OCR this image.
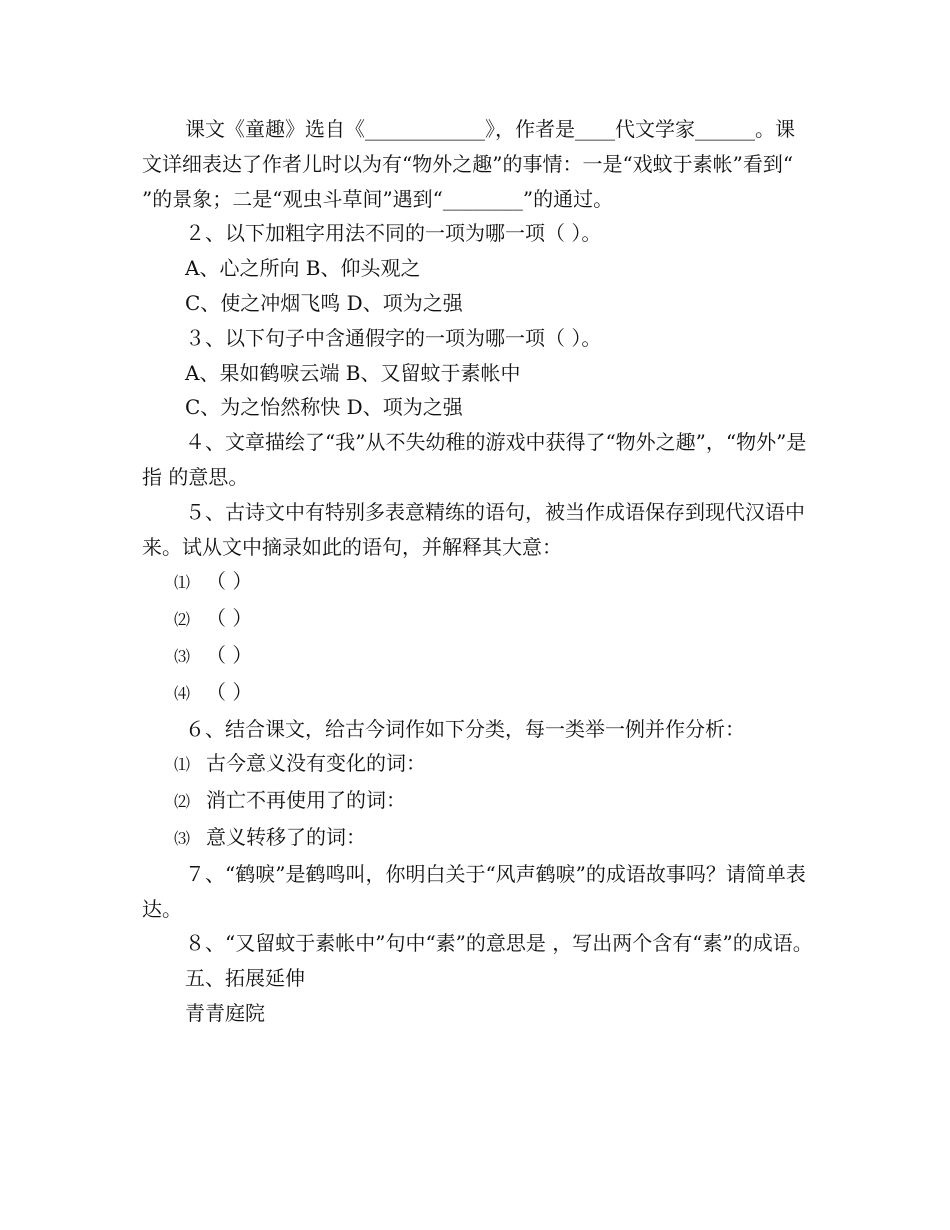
课文《童趣》选自《____________》，作者是____代文学家______。课文详细表达了作者儿时以为有“物外之趣”的事情：一是“戏蚊于素帐”看到“ ”的景象；二是“观虫斗草间”遇到“________”的通过。

２、以下加粗字用法不同的一项为哪一项（ ）。

A、心之所向 B、仰头观之

C、使之冲烟飞鸣 D、项为之强

３、以下句子中含通假字的一项为哪一项（ ）。

A、果如鹤唳云端 B、又留蚊于素帐中

C、为之怡然称快 D、项为之强

４、文章描绘了“我”从不失幼稚的游戏中获得了“物外之趣”，“物外”是指 的意思。

５、古诗文中有特别多表意精练的语句，被当作成语保存到现代汉语中来。试从文中摘录如此的语句，并解释其大意：

⑴ （ ）

⑵ （ ）

⑶ （ ）

⑷ （ ）

６、结合课文，给古今词作如下分类，每一类举一例并作分析：

⑴ 古今意义没有变化的词：

⑵ 消亡不再使用了的词：

⑶ 意义转移了的词：

７、“鹤唳”是鹤鸣叫，你明白关于“风声鹤唳”的成语故事吗？请简单表达。

８、“又留蚊于素帐中”句中“素”的意思是 ，写出两个含有“素”的成语。

五、拓展延伸

青青庭院
